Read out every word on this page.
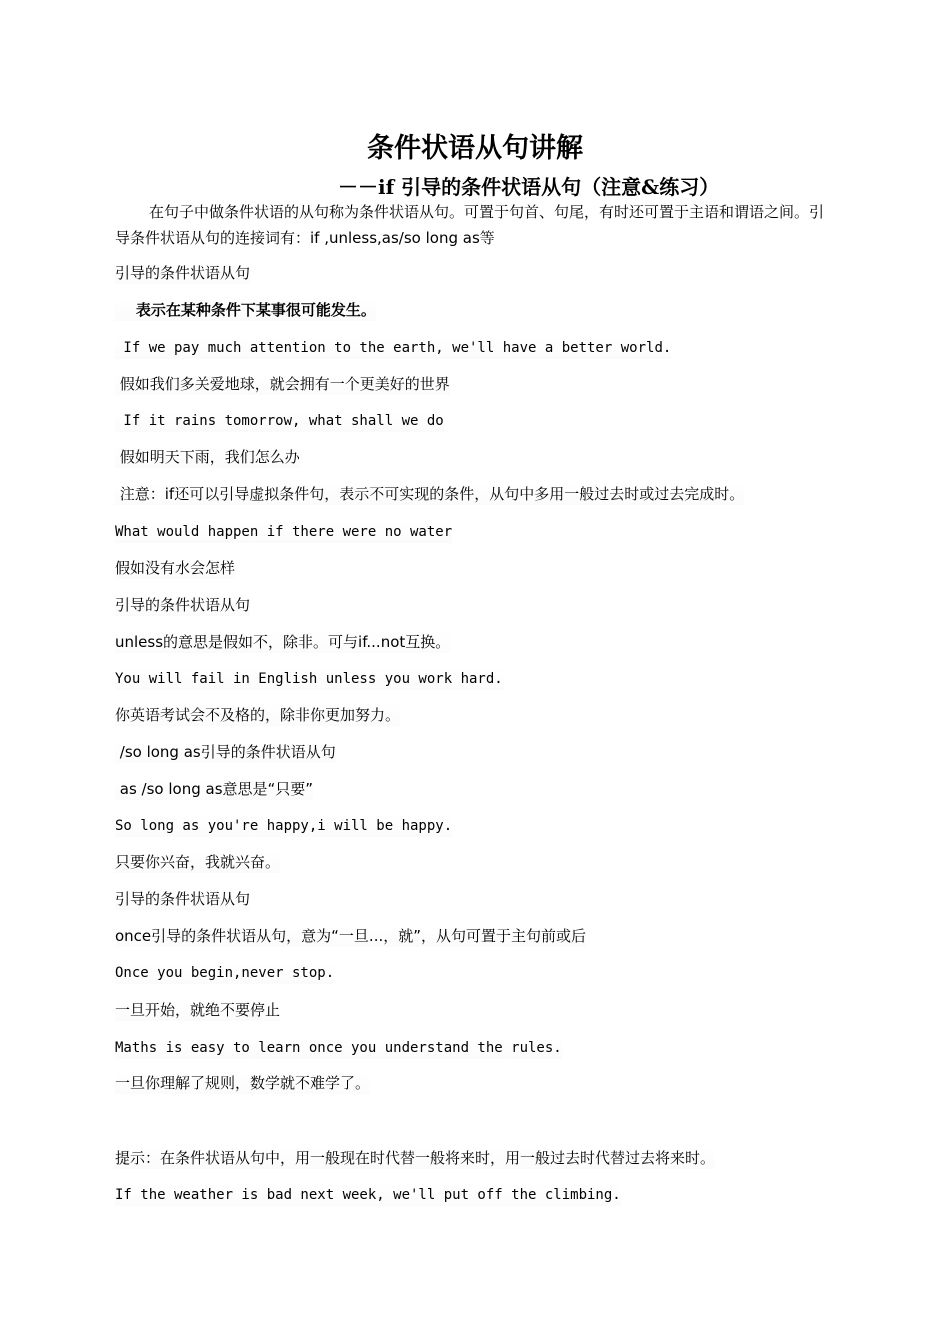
条件状语从句讲解
－－if 引导的条件状语从句（注意&练习）
在句子中做条件状语的从句称为条件状语从句。可置于句首、句尾，有时还可置于主语和谓语之间。引导条件状语从句的连接词有：if ,unless,as/so long as等
引导的条件状语从句
表示在某种条件下某事很可能发生。
If we pay much attention to the earth, we'll have a better world.
假如我们多关爱地球，就会拥有一个更美好的世界
If it rains tomorrow, what shall we do
假如明天下雨，我们怎么办
注意：if还可以引导虚拟条件句，表示不可实现的条件，从句中多用一般过去时或过去完成时。
What would happen if there were no water
假如没有水会怎样
引导的条件状语从句
unless的意思是假如不，除非。可与if...not互换。
You will fail in English unless you work hard.
你英语考试会不及格的，除非你更加努力。
/so long as引导的条件状语从句
as /so long as意思是“只要”
So long as you're happy,i will be happy.
只要你兴奋，我就兴奋。
引导的条件状语从句
once引导的条件状语从句，意为“一旦...，就”，从句可置于主句前或后
Once you begin,never stop.
一旦开始，就绝不要停止
Maths is easy to learn once you understand the rules.
一旦你理解了规则，数学就不难学了。
提示：在条件状语从句中，用一般现在时代替一般将来时，用一般过去时代替过去将来时。
If the weather is bad next week, we'll put off the climbing.
